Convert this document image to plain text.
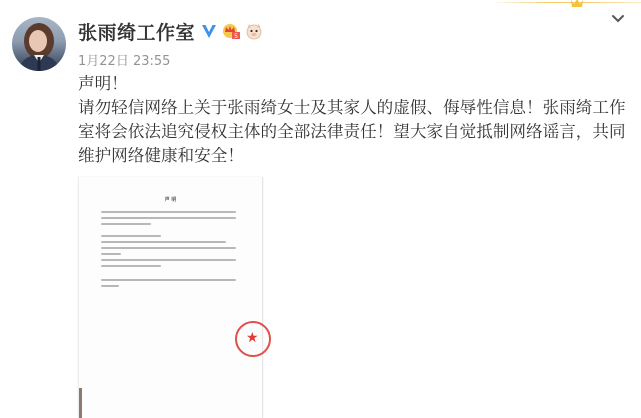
张雨绮工作室	5
1月22日 23:55

声明！

请勿轻信网络上关于张雨绮女士及其家人的虚假、侮辱性信息！张雨绮工作室将会依法追究侵权主体的全部法律责任！望大家自觉抵制网络谣言，共同维护网络健康和安全！

声 明
★
